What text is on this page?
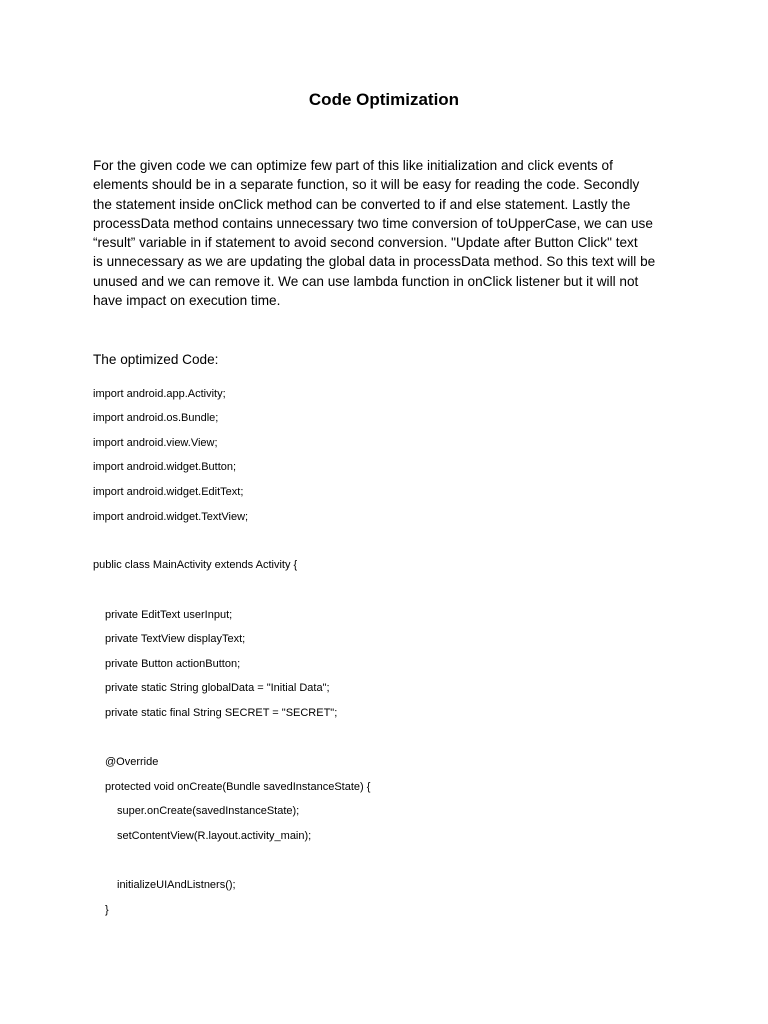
Code Optimization
For the given code we can optimize few part of this like initialization and click events of
elements should be in a separate function, so it will be easy for reading the code. Secondly
the statement inside onClick method can be converted to if and else statement. Lastly the
processData method contains unnecessary two time conversion of toUpperCase, we can use
“result” variable in if statement to avoid second conversion. "Update after Button Click" text
is unnecessary as we are updating the global data in processData method. So this text will be
unused and we can remove it. We can use lambda function in onClick listener but it will not
have impact on execution time.
The optimized Code:
import android.app.Activity;
import android.os.Bundle;
import android.view.View;
import android.widget.Button;
import android.widget.EditText;
import android.widget.TextView;
public class MainActivity extends Activity {
private EditText userInput;
private TextView displayText;
private Button actionButton;
private static String globalData = "Initial Data";
private static final String SECRET = "SECRET";
@Override
protected void onCreate(Bundle savedInstanceState) {
super.onCreate(savedInstanceState);
setContentView(R.layout.activity_main);
initializeUIAndListners();
}
